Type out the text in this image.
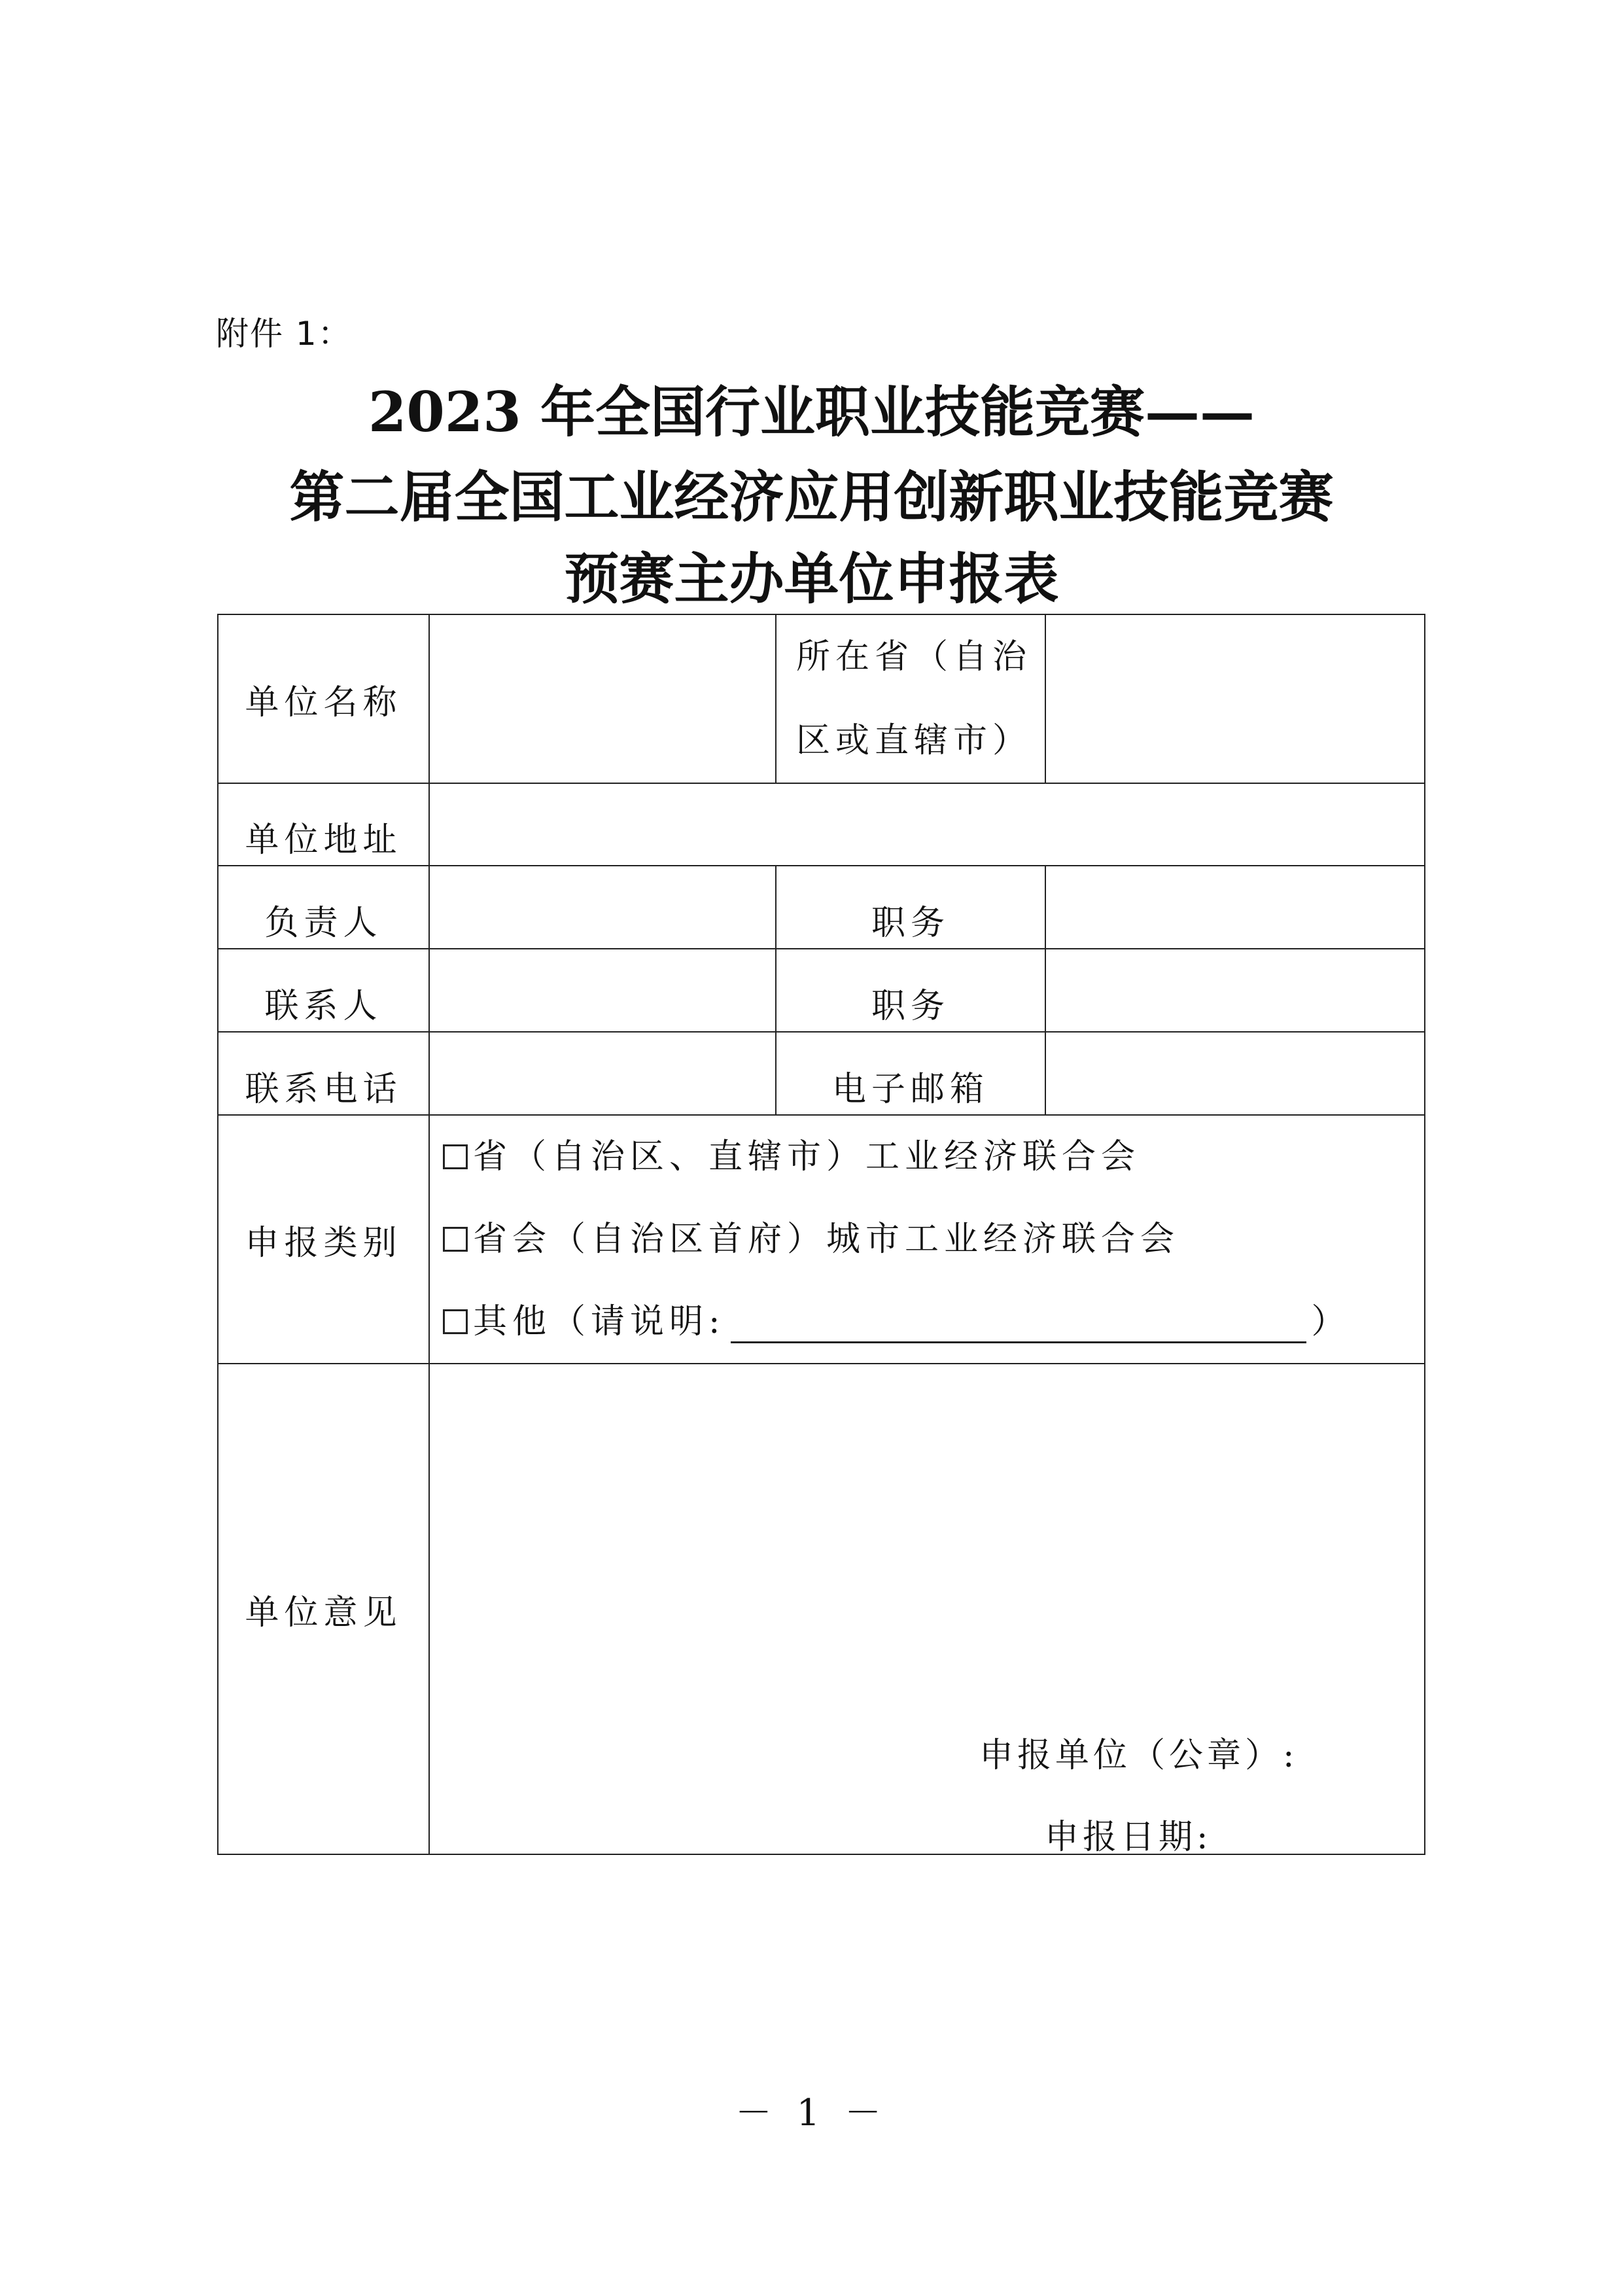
附件 1：
2023 年全国行业职业技能竞赛——
第二届全国工业经济应用创新职业技能竞赛
预赛主办单位申报表
单位名称		所在省（自治
区或直辖市）	

单位地址			

负责人		职务	

联系人		职务	

联系电话		电子邮箱	

申报类别	省（自治区、直辖市）工业经济联合会
省会（自治区首府）城市工业经济联合会
其他（请说明: ）		

单位意见	申报单位（公章）:
申报日期:		
－ 1 －
